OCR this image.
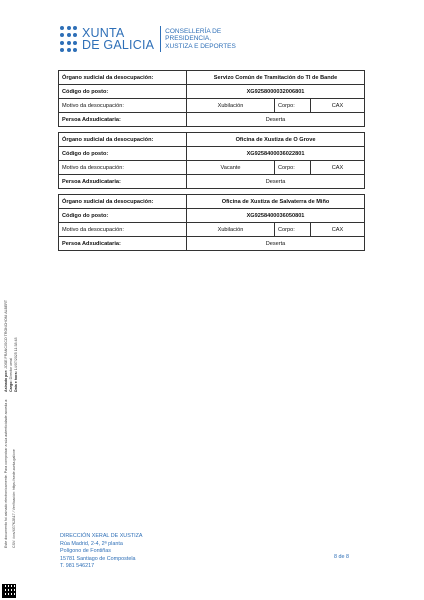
XUNTA
DE GALICIA
CONSELLERÍA DE
PRESIDENCIA,
XUSTIZA E DEPORTES
Órgano xudicial da desocupación:	Servizo Común de Tramitación do TI de Bande		
Código do posto:	XG9258000032006801		
Motivo da desocupación:	Xubilación	Corpo:	CAX
Persoa Adxudicataria:	Deserta		
Órgano xudicial da desocupación:	Oficina de Xustiza de O Grove		
Código do posto:	XG9258400036022801		
Motivo da desocupación:	Vacante	Corpo:	CAX
Persoa Adxudicataria:	Deserta		
Órgano xudicial da desocupación:	Oficina de Xustiza de Salvaterra de Miño		
Código do posto:	XG9258400036050801		
Motivo da desocupación:	Xubilación	Corpo:	CAX
Persoa Adxudicataria:	Deserta		
Asinado por: JOSE FRANCISCO TRONCHONI ALBERT
Cargo: Director xeral
Data e hora: 14/07/2025 11:38:48
Este documento foi asinado electronicamente. Para comprobar a súa autenticidade acceda a: CSV: /cvs/XG7K2B17 / Verificación: https://sede.xunta.gal/cve	DIRECCIÓN XERAL DE XUSTIZA
Rúa Madrid, 2-4, 2ª planta
Polígono de Fontiñas
15781 Santiago de Compostela
T. 981 546217
8 de 8
